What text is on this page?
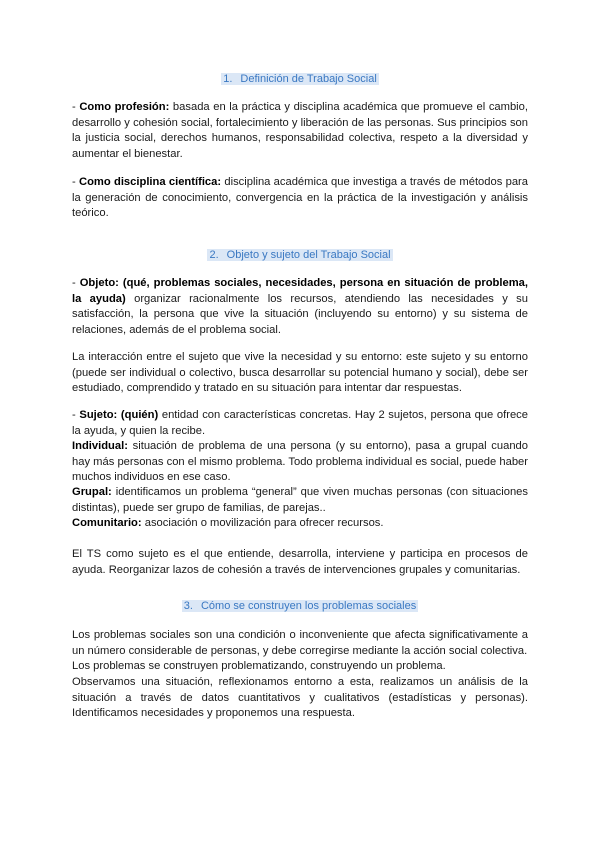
1. Definición de Trabajo Social
- Como profesión: basada en la práctica y disciplina académica que promueve el cambio, desarrollo y cohesión social, fortalecimiento y liberación de las personas. Sus principios son la justicia social, derechos humanos, responsabilidad colectiva, respeto a la diversidad y aumentar el bienestar.
- Como disciplina científica: disciplina académica que investiga a través de métodos para la generación de conocimiento, convergencia en la práctica de la investigación y análisis teórico.
2. Objeto y sujeto del Trabajo Social
- Objeto: (qué, problemas sociales, necesidades, persona en situación de problema, la ayuda) organizar racionalmente los recursos, atendiendo las necesidades y su satisfacción, la persona que vive la situación (incluyendo su entorno) y su sistema de relaciones, además de el problema social.
La interacción entre el sujeto que vive la necesidad y su entorno: este sujeto y su entorno (puede ser individual o colectivo, busca desarrollar su potencial humano y social), debe ser estudiado, comprendido y tratado en su situación para intentar dar respuestas.
- Sujeto: (quién) entidad con características concretas. Hay 2 sujetos, persona que ofrece la ayuda, y quien la recibe.
Individual: situación de problema de una persona (y su entorno), pasa a grupal cuando hay más personas con el mismo problema. Todo problema individual es social, puede haber muchos individuos en ese caso.
Grupal: identificamos un problema “general” que viven muchas personas (con situaciones distintas), puede ser grupo de familias, de parejas..
Comunitario: asociación o movilización para ofrecer recursos.
El TS como sujeto es el que entiende, desarrolla, interviene y participa en procesos de ayuda. Reorganizar lazos de cohesión a través de intervenciones grupales y comunitarias.
3. Cómo se construyen los problemas sociales
Los problemas sociales son una condición o inconveniente que afecta significativamente a un número considerable de personas, y debe corregirse mediante la acción social colectiva.
Los problemas se construyen problematizando, construyendo un problema.
Observamos una situación, reflexionamos entorno a esta, realizamos un análisis de la situación a través de datos cuantitativos y cualitativos (estadísticas y personas). Identificamos necesidades y proponemos una respuesta.
